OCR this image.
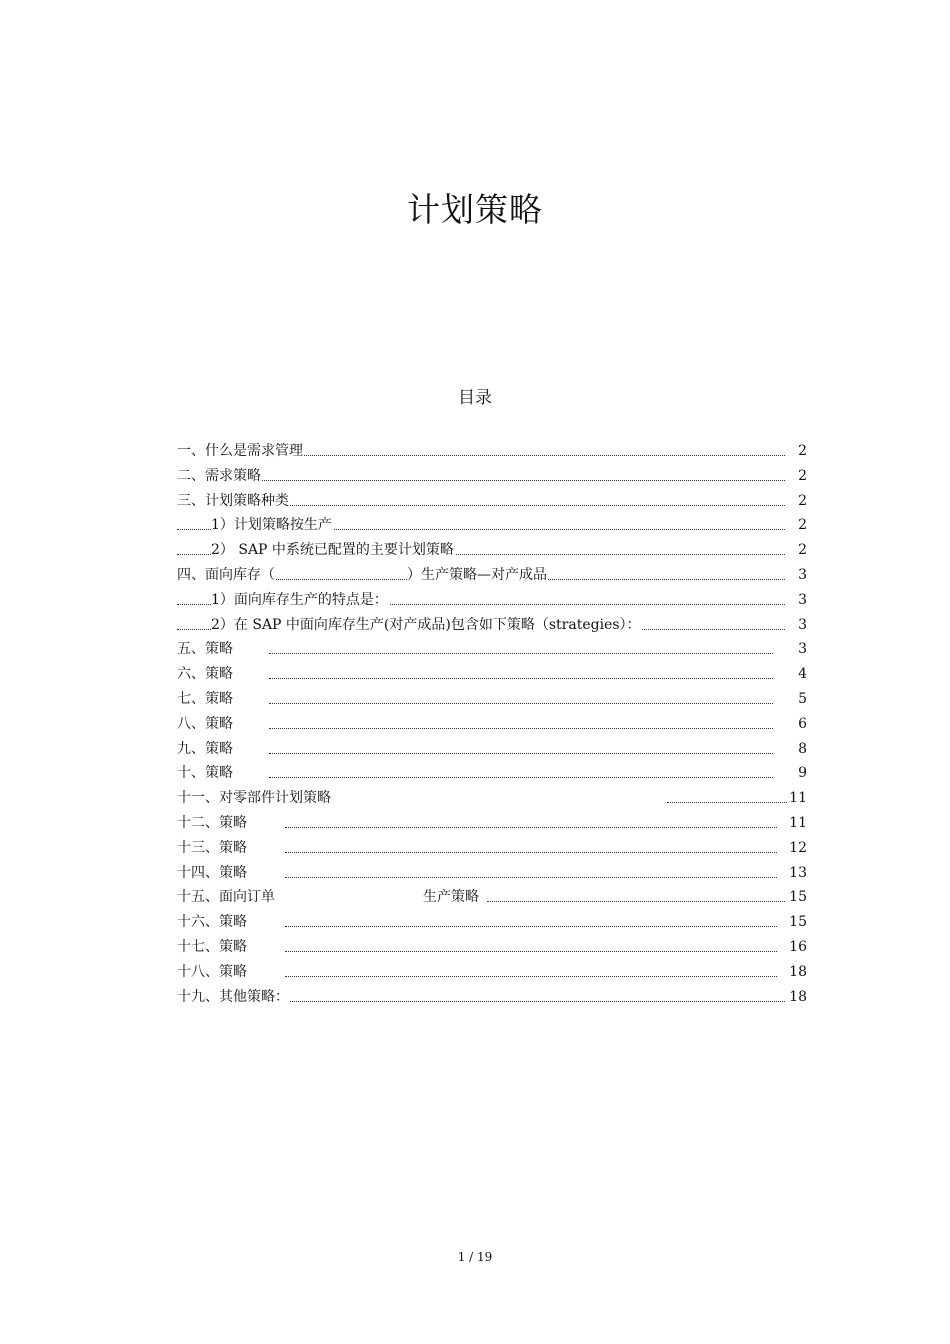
计划策略
目录
一、什么是需求管理	2
二、需求策略	2
三、计划策略种类	2
1）计划策略按生产	2
2） SAP 中系统已配置的主要计划策略	2
四、面向库存（	）生产策略—对产成品	3
1）面向库存生产的特点是：	3
2）在 SAP 中面向库存生产(对产成品)包含如下策略（strategies）：	3
五、策略	3
六、策略	4
七、策略	5
八、策略	6
九、策略	8
十、策略	9
十一、对零部件计划策略	11
十二、策略	11
十三、策略	12
十四、策略	13
十五、面向订单	生产策略	15
十六、策略	15
十七、策略	16
十八、策略	18
十九、其他策略：	18
1 / 19
